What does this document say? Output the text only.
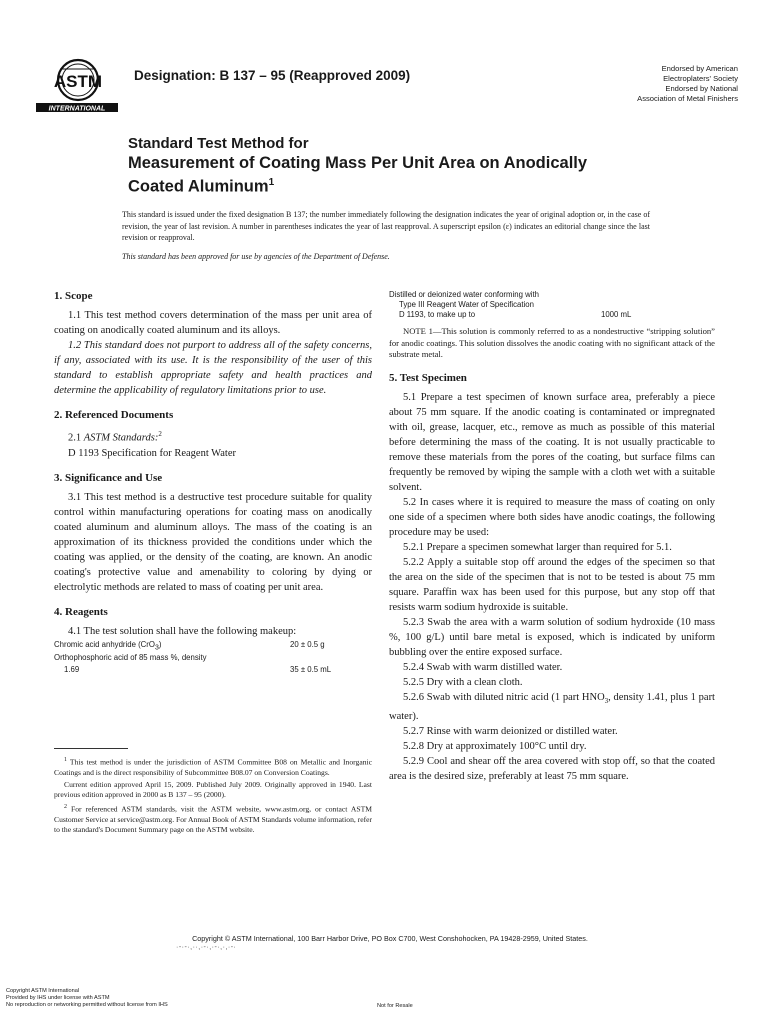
ASTM
INTERNATIONAL
Designation: B 137 – 95 (Reapproved 2009)	Endorsed by American
Electroplaters' Society
Endorsed by National
Association of Metal Finishers
Standard Test Method for
Measurement of Coating Mass Per Unit Area on Anodically
Coated Aluminum$^1$
This standard is issued under the fixed designation B 137; the number immediately following the designation indicates the year of original adoption or, in the case of revision, the year of last revision. A number in parentheses indicates the year of last reapproval. A superscript epsilon (ε) indicates an editorial change since the last revision or reapproval.
This standard has been approved for use by agencies of the Department of Defense.

1. Scope

1.1 This test method covers determination of the mass per unit area of coating on anodically coated aluminum and its alloys.

1.2 This standard does not purport to address all of the safety concerns, if any, associated with its use. It is the responsibility of the user of this standard to establish appropriate safety and health practices and determine the applicability of regulatory limitations prior to use.

2. Referenced Documents

2.1 ASTM Standards:$^2$

D 1193 Specification for Reagent Water

3. Significance and Use

3.1 This test method is a destructive test procedure suitable for quality control within manufacturing operations for coating mass on anodically coated aluminum and aluminum alloys. The mass of the coating is an approximation of its thickness provided the conditions under which the coating was applied, or the density of the coating, are known. An anodic coating's protective value and amenability to coloring by dying or electrolytic methods are related to mass of coating per unit area.

4. Reagents

4.1 The test solution shall have the following makeup:

Chromic acid anhydride (CrO$_3$)	20 ± 0.5 g
Orthophosphoric acid of 85 mass %, density
1.69	35 ± 0.5 mL
Distilled or deionized water conforming with
Type III Reagent Water of Specification
D 1193, to make up to	1000 mL

NOTE 1—This solution is commonly referred to as a nondestructive “stripping solution” for anodic coatings. This solution dissolves the anodic coating with no significant attack of the substrate metal.

5. Test Specimen

5.1 Prepare a test specimen of known surface area, preferably a piece about 75 mm square. If the anodic coating is contaminated or impregnated with oil, grease, lacquer, etc., remove as much as possible of this material before determining the mass of the coating. It is not usually practicable to remove these materials from the pores of the coating, but surface films can frequently be removed by wiping the sample with a cloth wet with a suitable solvent.

5.2 In cases where it is required to measure the mass of coating on only one side of a specimen where both sides have anodic coatings, the following procedure may be used:

5.2.1 Prepare a specimen somewhat larger than required for 5.1.

5.2.2 Apply a suitable stop off around the edges of the specimen so that the area on the side of the specimen that is not to be tested is about 75 mm square. Paraffin wax has been used for this purpose, but any stop off that resists warm sodium hydroxide is suitable.

5.2.3 Swab the area with a warm solution of sodium hydroxide (10 mass %, 100 g/L) until bare metal is exposed, which is indicated by uniform bubbling over the entire exposed surface.

5.2.4 Swab with warm distilled water.

5.2.5 Dry with a clean cloth.

5.2.6 Swab with diluted nitric acid (1 part $HNO_3$, density 1.41, plus 1 part water).

5.2.7 Rinse with warm deionized or distilled water.

5.2.8 Dry at approximately 100°C until dry.

5.2.9 Cool and shear off the area covered with stop off, so that the coated area is the desired size, preferably at least 75 mm square.

$^1$ This test method is under the jurisdiction of ASTM Committee B08 on Metallic and Inorganic Coatings and is the direct responsibility of Subcommittee B08.07 on Conversion Coatings.

Current edition approved April 15, 2009. Published July 2009. Originally approved in 1940. Last previous edition approved in 2000 as B 137 – 95 (2000).

$^2$ For referenced ASTM standards, visit the ASTM website, www.astm.org, or contact ASTM Customer Service at service@astm.org. For Annual Book of ASTM Standards volume information, refer to the standard's Document Summary page on the ASTM website.

Copyright © ASTM International, 100 Barr Harbor Drive, PO Box C700, West Conshohocken, PA 19428-2959, United States.
·-·-·,··,·-·,·-·,·,·-·
Copyright ASTM International
Provided by IHS under license with ASTM
No reproduction or networking permitted without license from IHS	Not for Resale
